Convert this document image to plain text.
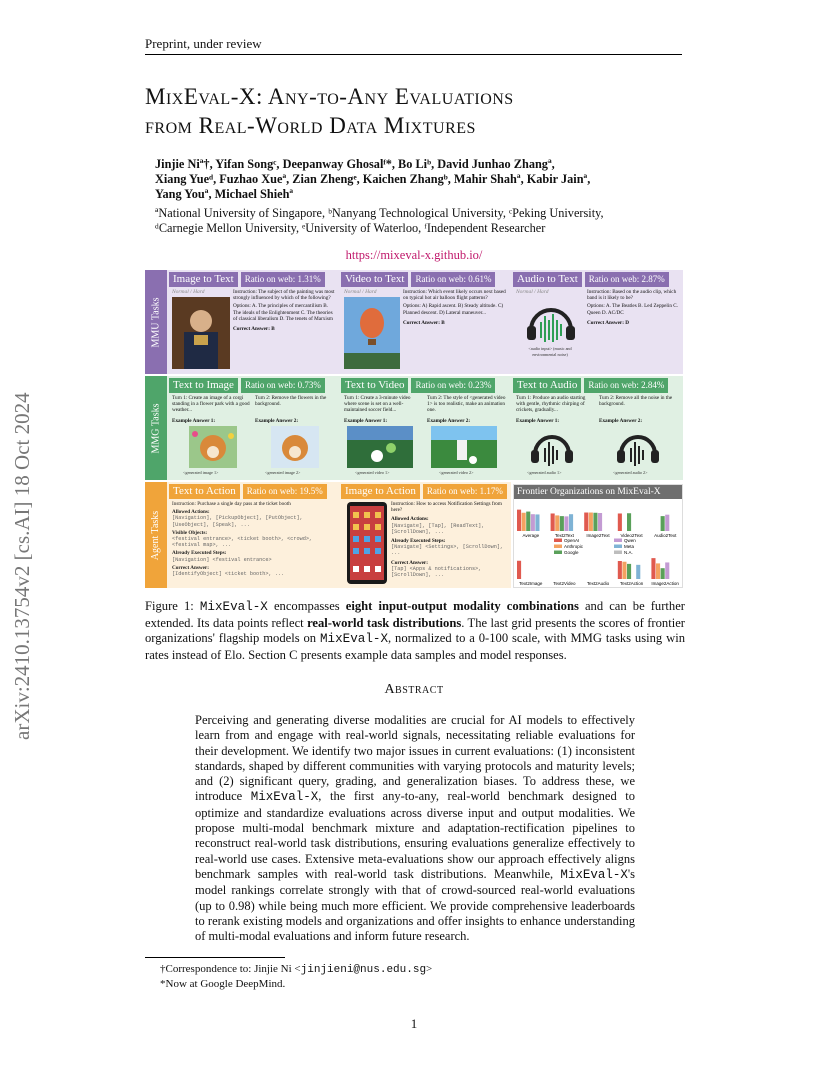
Preprint, under review
MixEval-X: Any-to-Any Evaluations
from Real-World Data Mixtures
Jinjie Niª†, Yifan Songᶜ, Deepanway Ghosalᶠ*, Bo Liᵇ, David Junhao Zhangª,
Xiang Yueᵈ, Fuzhao Xueª, Zian Zhengᵉ, Kaichen Zhangᵇ, Mahir Shahª, Kabir Jainª,
Yang Youª, Michael Shiehª
ªNational University of Singapore, ᵇNanyang Technological University, ᶜPeking University,
ᵈCarnegie Mellon University, ᵉUniversity of Waterloo, ᶠIndependent Researcher
https://mixeval-x.github.io/
arXiv:2410.13754v2 [cs.AI] 18 Oct 2024
MMU Tasks
MMG Tasks
Agent Tasks
Image to Text	Ratio on web: 1.31%
Normal / Hard	Instruction: The subject of the painting was most strongly influenced by which of the following?
Options: A. The principles of mercantilism B. The ideals of the Enlightenment C. The theories of classical liberalism D. The tenets of Marxism
Correct Answer: B
Video to Text	Ratio on web: 0.61%
Normal / Hard	Instruction: Which event likely occurs next based on typical hot air balloon flight patterns?
Options: A) Rapid ascent. B) Steady altitude. C) Planned descent. D) Lateral maneuver...
Correct Answer: B
Audio to Text	Ratio on web: 2.87%
Normal / Hard
<audio input> (music and environmental noise)
Instruction: Based on the audio clip, which band is it likely to be?
Options: A. The Beatles B. Led Zeppelin C. Queen D. AC/DC
Correct Answer: D
Text to Image	Ratio on web: 0.73%
Turn 1: Create an image of a corgi standing in a flower park with a good weather...
Turn 2: Remove the flowers in the background.
Example Answer 1:	Example Answer 2:
<generated image 1>	<generated image 2>
Text to Video	Ratio on web: 0.23%
Turn 1: Create a 3-minute video where scene is set on a well-maintained soccer field...
Turn 2: The style of <generated video 1> is too realistic, make an animation one.
Example Answer 1:	Example Answer 2:
<generated video 1>	<generated video 2>
Text to Audio	Ratio on web: 2.84%
Turn 1: Produce an audio starting with gentle, rhythmic chirping of crickets, gradually...
Turn 2: Remove all the noise in the background.
Example Answer 1:	Example Answer 2:
<generated audio 1>	<generated audio 2>
Text to Action	Ratio on web: 19.5%
Instruction: Purchase a single day pass at the ticket booth
Allowed Actions:
[Navigation], [PickupObject], [PutObject], [UseObject], [Speak], ...
Visible Objects:
<festival entrance>, <ticket booth>, <crowd>, <festival map>, ...
Already Executed Steps:
[Navigation] <festival entrance>
Correct Answer:
[IdentifyObject] <ticket booth>, ...
Image to Action	Ratio on web: 1.17%
Instruction: How to access Notification Settings from here?
Allowed Actions:
[Navigate], [Tap], [ReadText], [ScrollDown], ...
Already Executed Steps:
[Navigate] <Settings>, [ScrollDown], ...
Correct Answer:
[Tap] <Apps & notifications>, [ScrollDown], ...
Frontier Organizations on MixEval-X
Average	Text2Text	Image2Text Video2Text	Audio2Text
Text2Image Text2Video	Text2Audio Text2Action Image2Action
OpenAI
Anthropic
Google
Qwen
Meta
N.A.
Figure 1: MixEval-X encompasses eight input-output modality combinations and can be further extended. Its data points reflect real-world task distributions. The last grid presents the scores of frontier organizations' flagship models on MixEval-X, normalized to a 0-100 scale, with MMG tasks using win rates instead of Elo. Section C presents example data samples and model responses.
Abstract
Perceiving and generating diverse modalities are crucial for AI models to effectively learn from and engage with real-world signals, necessitating reliable evaluations for their development. We identify two major issues in current evaluations: (1) inconsistent standards, shaped by different communities with varying protocols and maturity levels; and (2) significant query, grading, and generalization biases. To address these, we introduce MixEval-X, the first any-to-any, real-world benchmark designed to optimize and standardize evaluations across diverse input and output modalities. We propose multi-modal benchmark mixture and adaptation-rectification pipelines to reconstruct real-world task distributions, ensuring evaluations generalize effectively to real-world use cases. Extensive meta-evaluations show our approach effectively aligns benchmark samples with real-world task distributions. Meanwhile, MixEval-X's model rankings correlate strongly with that of crowd-sourced real-world evaluations (up to 0.98) while being much more efficient. We provide comprehensive leaderboards to rerank existing models and organizations and offer insights to enhance understanding of multi-modal evaluations and inform future research.
†Correspondence to: Jinjie Ni <jinjieni@nus.edu.sg>
*Now at Google DeepMind.
1
